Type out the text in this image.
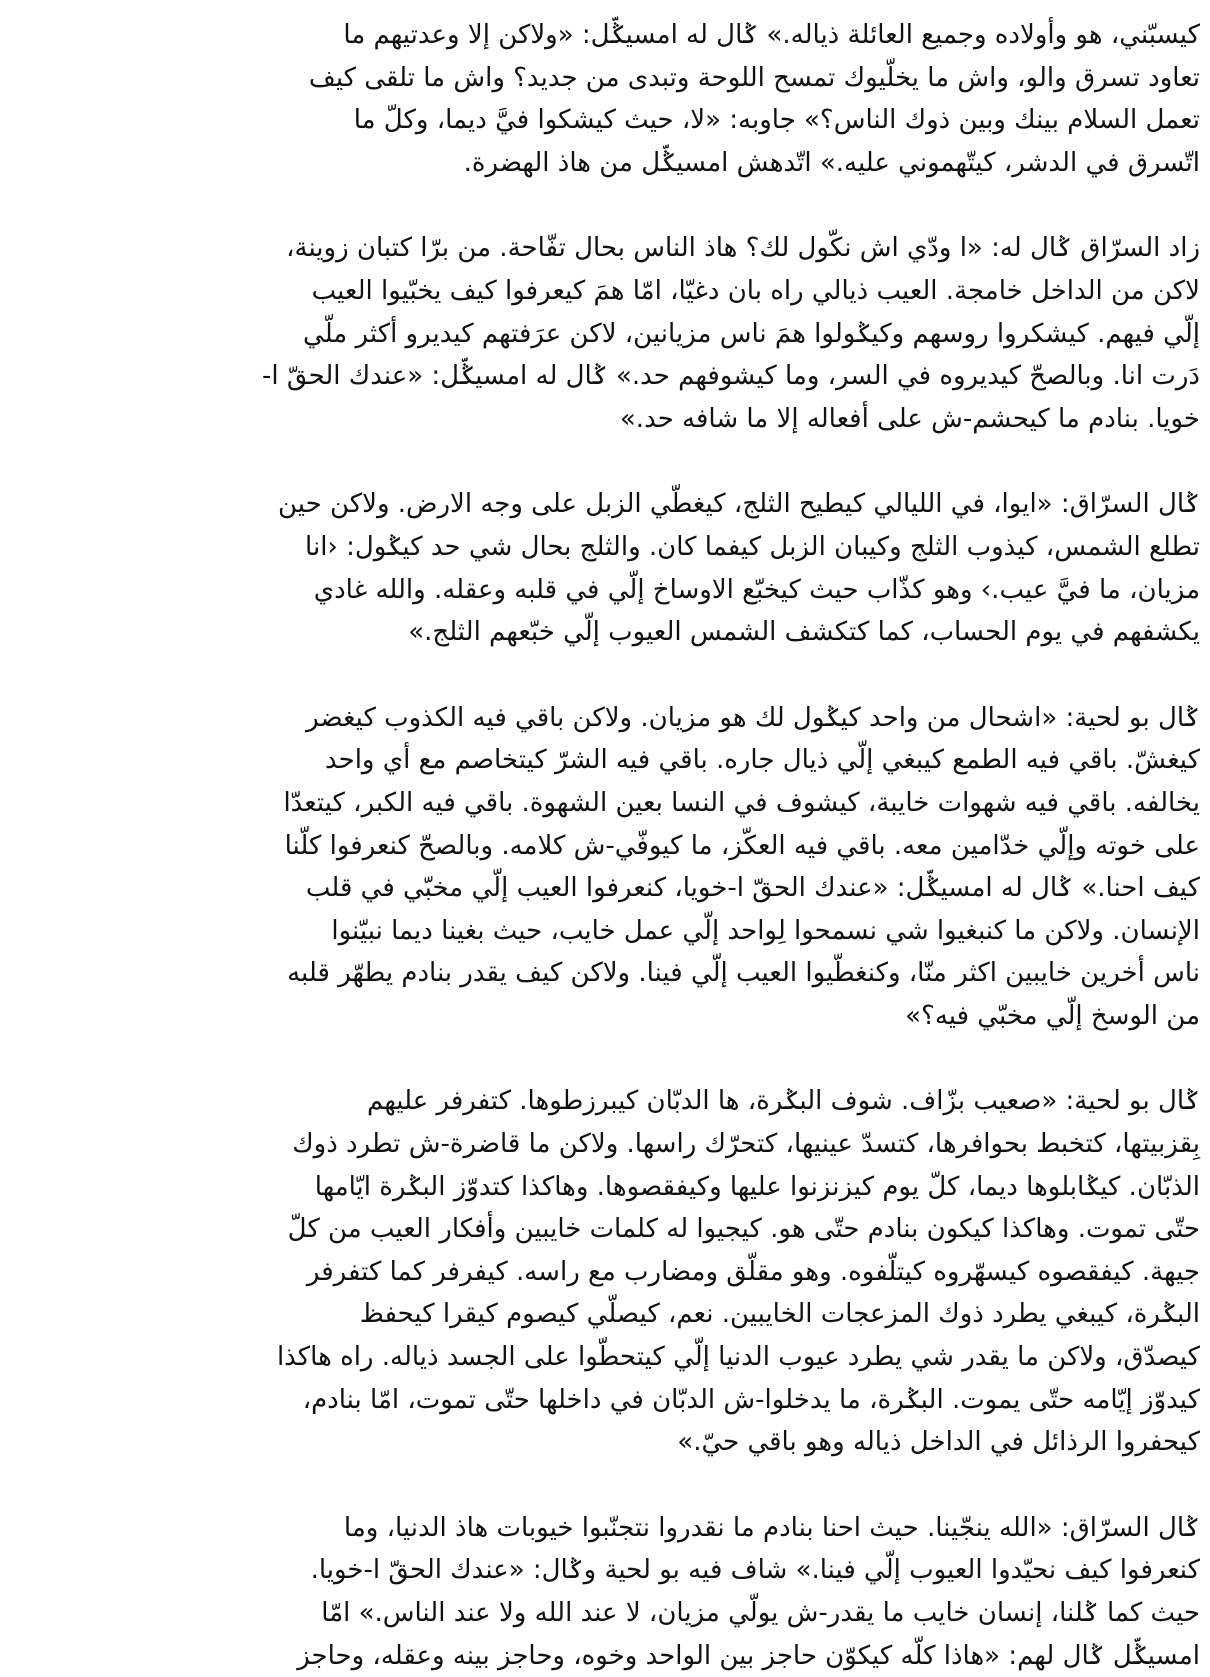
كيسبّني، هو وأولاده وجميع العائلة ذياله.» ݣال له امسيݣّل: «ولاكن إلا وعدتيهم ما
تعاود تسرق والو، واش ما يخلّيوك تمسح اللوحة وتبدى من جديد؟ واش ما تلقى كيف
تعمل السلام بينك وبين ذوك الناس؟» جاوبه: «لا، حيث كيشكوا فيَّ ديما، وكلّ ما
اتّسرق في الدشر، كيتّهموني عليه.» اتّدهش امسيݣّل من هاذ الهضرة.
زاد السرّاق ݣال له: «ا ودّي اش نكّول لك؟ هاذ الناس بحال تفّاحة. من برّا كتبان زوينة،
لاكن من الداخل خامجة. العيب ذيالي راه بان دغيّا، امّا همَ كيعرفوا كيف يخبّيوا العيب
إلّي فيهم. كيشكروا روسهم وكيݣولوا همَ ناس مزيانين، لاكن عرَفتهم كيديرو أكثر ملّي
دَرت انا. وبالصحّ كيديروه في السر، وما كيشوفهم حد.» ݣال له امسيݣّل: «عندك الحقّ ا-
خويا. بنادم ما كيحشم-ش على أفعاله إلا ما شافه حد.»
ݣال السرّاق: «ايوا، في الليالي كيطيح الثلج، كيغطّي الزبل على وجه الارض. ولاكن حين
تطلع الشمس، كيذوب الثلج وكيبان الزبل كيفما كان. والثلج بحال شي حد كيݣول: ‹انا
مزيان، ما فيَّ عيب.› وهو كذّاب حيث كيخبّع الاوساخ إلّي في قلبه وعقله. والله غادي
يكشفهم في يوم الحساب، كما كتكشف الشمس العيوب إلّي خبّعهم الثلج.»
ݣال بو لحية: «اشحال من واحد كيݣول لك هو مزيان. ولاكن باقي فيه الكذوب كيغضر
كيغشّ. باقي فيه الطمع كيبغي إلّي ذيال جاره. باقي فيه الشرّ كيتخاصم مع أي واحد
يخالفه. باقي فيه شهوات خايبة، كيشوف في النسا بعين الشهوة. باقي فيه الكبر، كيتعدّا
على خوته وإلّي خدّامين معه. باقي فيه العكّز، ما كيوفّي-ش كلامه. وبالصحّ كنعرفوا كلّنا
كيف احنا.» ݣال له امسيݣّل: «عندك الحقّ ا-خويا، كنعرفوا العيب إلّي مخبّي في قلب
الإنسان. ولاكن ما كنبغيوا شي نسمحوا لِواحد إلّي عمل خايب، حيث بغينا ديما نبيّنوا
ناس أخرين خايبين اكثر منّا، وكنغطّيوا العيب إلّي فينا. ولاكن كيف يقدر بنادم يطهّر قلبه
من الوسخ إلّي مخبّي فيه؟»
ݣال بو لحية: «صعيب بزّاف. شوف البݣرة، ها الدبّان كيبرزطوها. كتفرفر عليهم
بِقزبيتها، كتخبط بحوافرها، كتسدّ عينيها، كتحرّك راسها. ولاكن ما قاضرة-ش تطرد ذوك
الذبّان. كيݣابلوها ديما، كلّ يوم كيزنزنوا عليها وكيفقصوها. وهاكذا كتدوّز البݣرة ايّامها
حتّى تموت. وهاكذا كيكون بنادم حتّى هو. كيجيوا له كلمات خايبين وأفكار العيب من كلّ
جيهة. كيفقصوه كيسهّروه كيتلّفوه. وهو مقلّق ومضارب مع راسه. كيفرفر كما كتفرفر
البݣرة، كيبغي يطرد ذوك المزعجات الخايبين. نعم، كيصلّي كيصوم كيقرا كيحفظ
كيصدّق، ولاكن ما يقدر شي يطرد عيوب الدنيا إلّي كيتحطّوا على الجسد ذياله. راه هاكذا
كيدوّز إيّامه حتّى يموت. البݣرة، ما يدخلوا-ش الدبّان في داخلها حتّى تموت، امّا بنادم،
كيحفروا الرذائل في الداخل ذياله وهو باقي حيّ.»
ݣال السرّاق: «الله ينجّينا. حيث احنا بنادم ما نقدروا نتجنّبوا خيوبات هاذ الدنيا، وما
كنعرفوا كيف نحيّدوا العيوب إلّي فينا.» شاف فيه بو لحية وݣال: «عندك الحقّ ا-خويا.
حيث كما ݣلنا، إنسان خايب ما يقدر-ش يولّي مزيان، لا عند الله ولا عند الناس.» امّا
امسيݣّل ݣال لهم: «هاذا كلّه كيكوّن حاجز بين الواحد وخوه، وحاجز بينه وعقله، وحاجز
